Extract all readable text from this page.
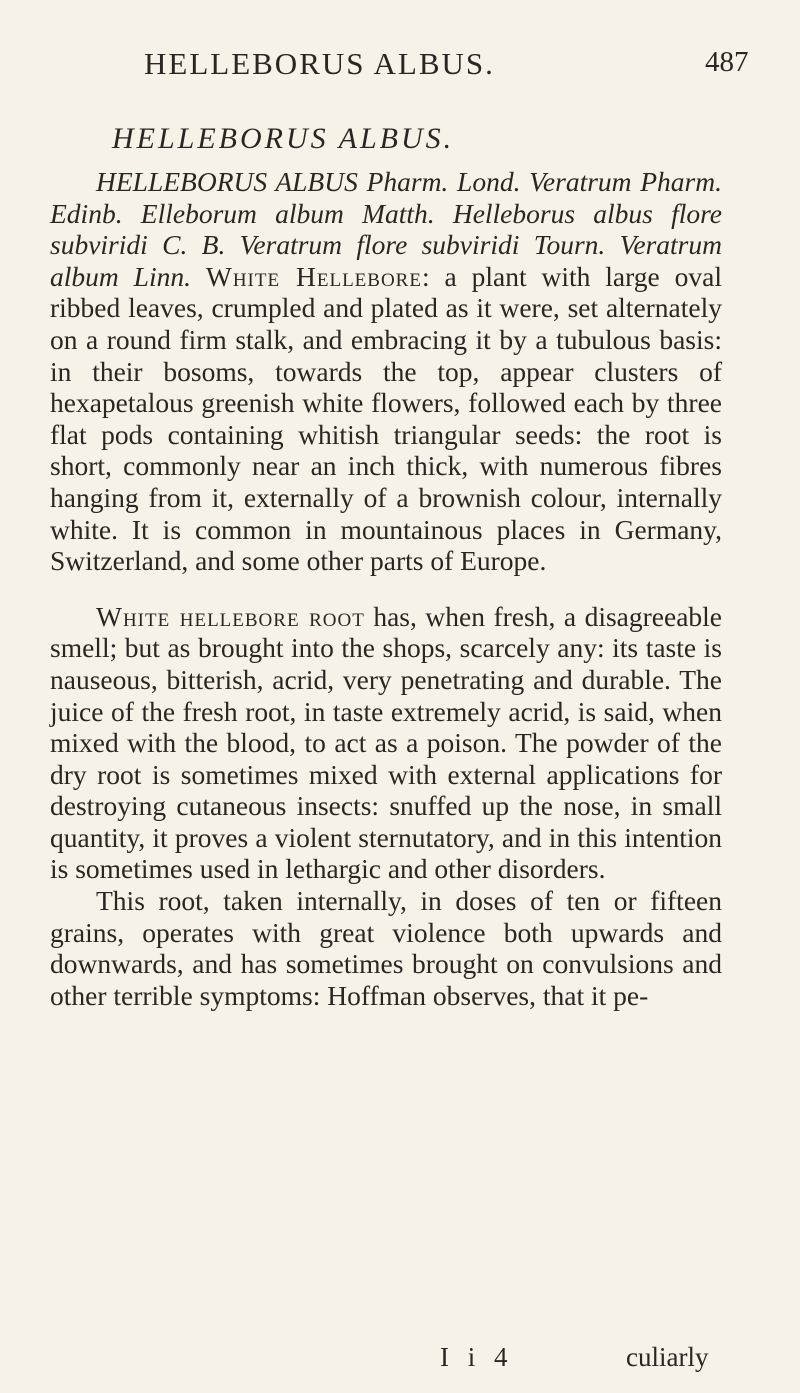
HELLEBORUS ALBUS.	487
HELLEBORUS ALBUS.

HELLEBORUS ALBUS Pharm. Lond. Veratrum Pharm. Edinb. Elleborum album Matth. Helleborus albus flore subviridi C. B. Veratrum flore subviridi Tourn. Veratrum album Linn. White Hellebore: a plant with large oval ribbed leaves, crumpled and plated as it were, set alternately on a round firm stalk, and embracing it by a tubulous basis: in their bosoms, towards the top, appear clusters of hexapetalous greenish white flowers, followed each by three flat pods containing whitish triangular seeds: the root is short, commonly near an inch thick, with numerous fibres hanging from it, externally of a brownish colour, internally white. It is common in mountainous places in Germany, Switzerland, and some other parts of Europe.

White hellebore root has, when fresh, a disagreeable smell; but as brought into the shops, scarcely any: its taste is nauseous, bitterish, acrid, very penetrating and durable. The juice of the fresh root, in taste extremely acrid, is said, when mixed with the blood, to act as a poison. The powder of the dry root is sometimes mixed with external applications for destroying cutaneous insects: snuffed up the nose, in small quantity, it proves a violent sternutatory, and in this intention is sometimes used in lethargic and other disorders.

This root, taken internally, in doses of ten or fifteen grains, operates with great violence both upwards and downwards, and has sometimes brought on convulsions and other terrible symptoms: Hoffman observes, that it pe-

I i 4	culiarly
